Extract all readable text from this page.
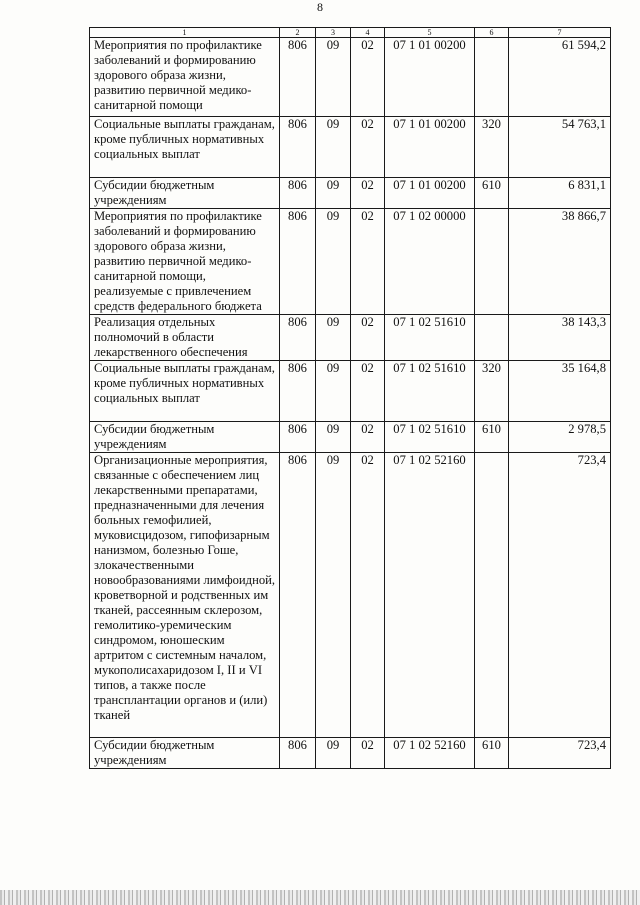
8
1	2	3	4	5	6	7
Мероприятия по профилактике заболеваний и формированию здорового образа жизни, развитию первичной медико-санитарной помощи	806	09	02	07 1 01 00200		61 594,2
Социальные выплаты гражданам, кроме публичных нормативных социальных выплат	806	09	02	07 1 01 00200	320	54 763,1
Субсидии бюджетным учреждениям	806	09	02	07 1 01 00200	610	6 831,1
Мероприятия по профилактике заболеваний и формированию здорового образа жизни, развитию первичной медико-санитарной помощи, реализуемые с привлечением средств федерального бюджета	806	09	02	07 1 02 00000		38 866,7
Реализация отдельных полномочий в области лекарственного обеспечения	806	09	02	07 1 02 51610		38 143,3
Социальные выплаты гражданам, кроме публичных нормативных социальных выплат	806	09	02	07 1 02 51610	320	35 164,8
Субсидии бюджетным учреждениям	806	09	02	07 1 02 51610	610	2 978,5
Организационные мероприятия, связанные с обеспечением лиц лекарственными препаратами, предназначенными для лечения больных гемофилией, муковисцидозом, гипофизарным нанизмом, болезнью Гоше, злокачественными новообразованиями лимфоидной, кроветворной и родственных им тканей, рассеянным склерозом, гемолитико-уремическим синдромом, юношеским артритом с системным началом, мукополисахаридозом I, II и VI типов, а также после трансплантации органов и (или) тканей	806	09	02	07 1 02 52160		723,4
Субсидии бюджетным учреждениям	806	09	02	07 1 02 52160	610	723,4
